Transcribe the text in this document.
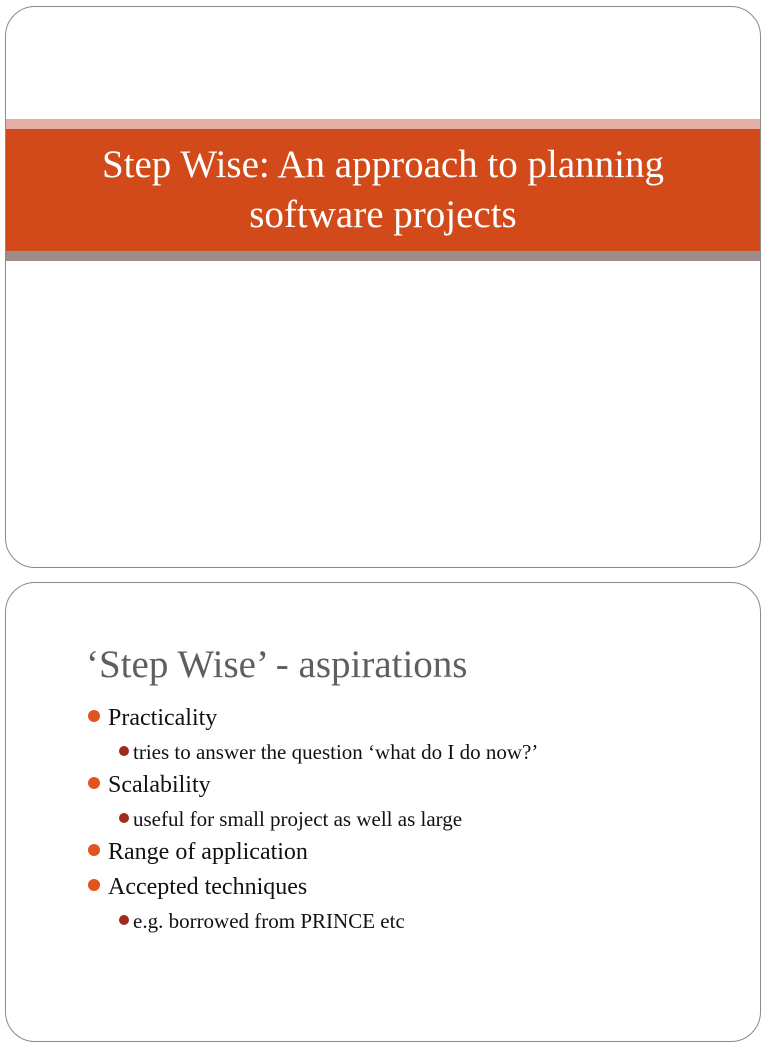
Step Wise: An approach to planning software projects
‘Step Wise’ - aspirations
Practicality
tries to answer the question ‘what do I do now?’
Scalability
useful for small project as well as large
Range of application
Accepted techniques
e.g. borrowed from PRINCE etc
